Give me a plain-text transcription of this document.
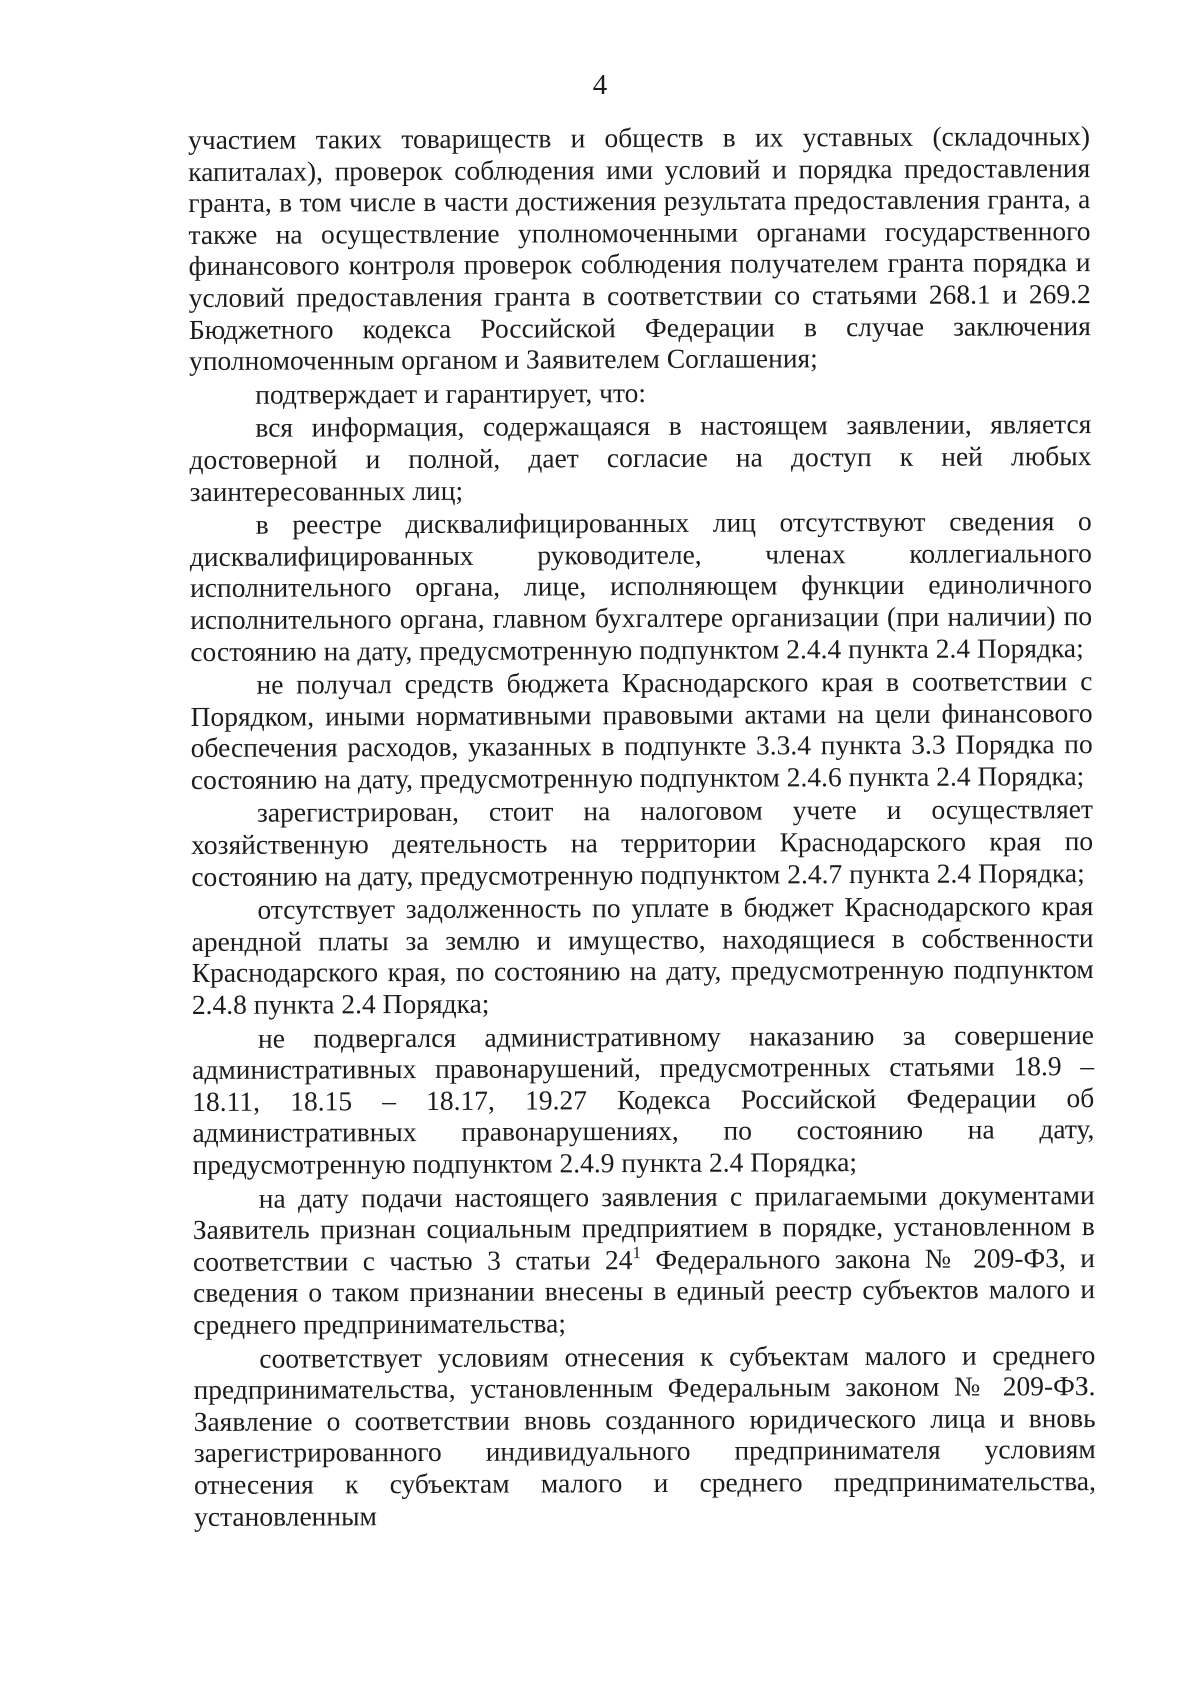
4

участием таких товариществ и обществ в их уставных (складочных) капиталах), проверок соблюдения ими условий и порядка предоставления гранта, в том числе в части достижения результата предоставления гранта, а также на осуществление уполномоченными органами государственного финансового контроля проверок соблюдения получателем гранта порядка и условий предоставления гранта в соответствии со статьями 268.1 и 269.2 Бюджетного кодекса Российской Федерации в случае заключения уполномоченным органом и Заявителем Соглашения;

подтверждает и гарантирует, что:

вся информация, содержащаяся в настоящем заявлении, является достоверной и полной, дает согласие на доступ к ней любых заинтересованных лиц;

в реестре дисквалифицированных лиц отсутствуют сведения о дисквалифицированных руководителе, членах коллегиального исполнительного органа, лице, исполняющем функции единоличного исполнительного органа, главном бухгалтере организации (при наличии) по состоянию на дату, предусмотренную подпунктом 2.4.4 пункта 2.4 Порядка;

не получал средств бюджета Краснодарского края в соответствии с Порядком, иными нормативными правовыми актами на цели финансового обеспечения расходов, указанных в подпункте 3.3.4 пункта 3.3 Порядка по состоянию на дату, предусмотренную подпунктом 2.4.6 пункта 2.4 Порядка;

зарегистрирован, стоит на налоговом учете и осуществляет хозяйственную деятельность на территории Краснодарского края по состоянию на дату, предусмотренную подпунктом 2.4.7 пункта 2.4 Порядка;

отсутствует задолженность по уплате в бюджет Краснодарского края арендной платы за землю и имущество, находящиеся в собственности Краснодарского края, по состоянию на дату, предусмотренную подпунктом 2.4.8 пункта 2.4 Порядка;

не подвергался административному наказанию за совершение административных правонарушений, предусмотренных статьями 18.9 – 18.11, 18.15 – 18.17, 19.27 Кодекса Российской Федерации об административных правонарушениях, по состоянию на дату, предусмотренную подпунктом 2.4.9 пункта 2.4 Порядка;

на дату подачи настоящего заявления с прилагаемыми документами Заявитель признан социальным предприятием в порядке, установленном в соответствии с частью 3 статьи $24^1$ Федерального закона № 209-ФЗ, и сведения о таком признании внесены в единый реестр субъектов малого и среднего предпринимательства;

соответствует условиям отнесения к субъектам малого и среднего предпринимательства, установленным Федеральным законом № 209-ФЗ. Заявление о соответствии вновь созданного юридического лица и вновь зарегистрированного индивидуального предпринимателя условиям отнесения к субъектам малого и среднего предпринимательства, установленным
